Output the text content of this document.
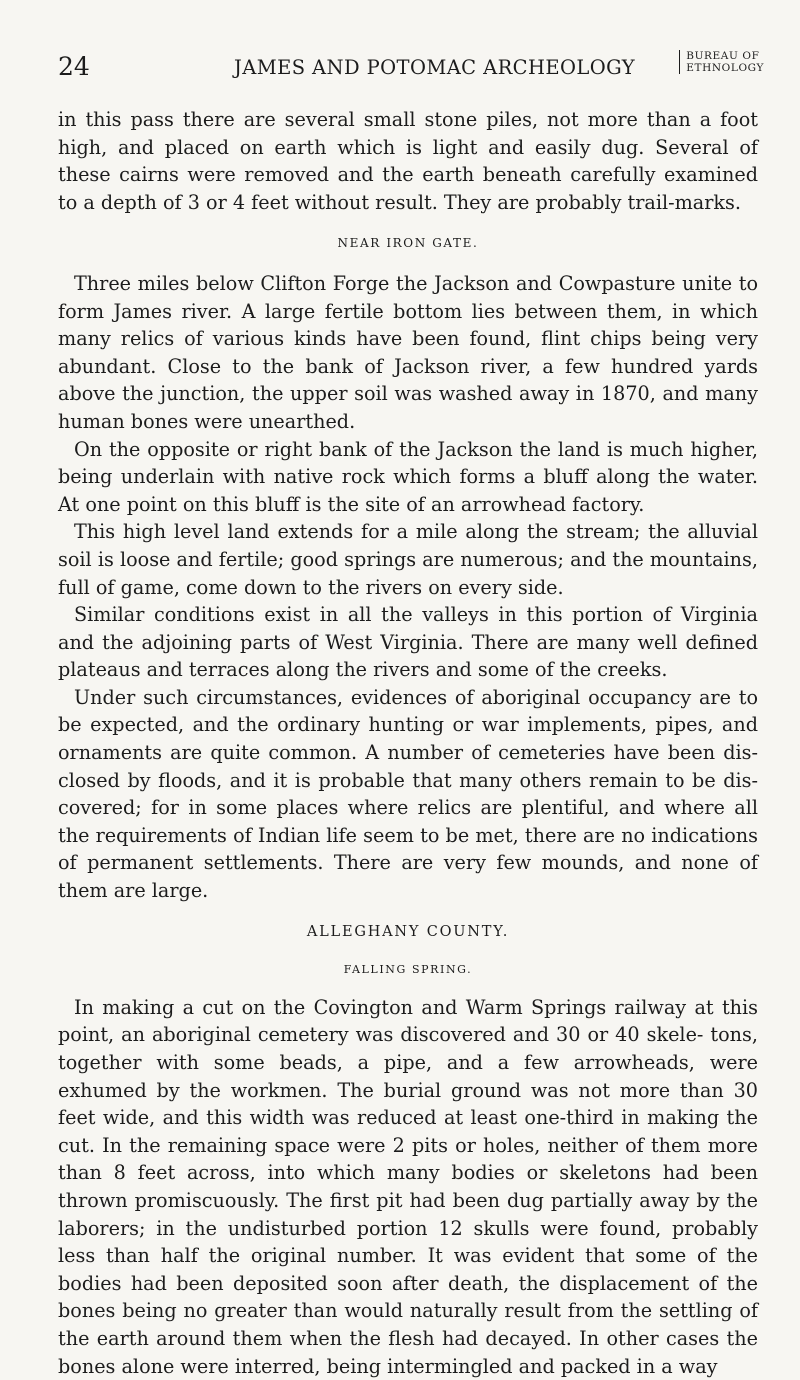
24	JAMES AND POTOMAC ARCHEOLOGY	BUREAU OF
ETHNOLOGY

in this pass there are several small stone piles, not more than a foot high, and placed on earth which is light and easily dug. Several of these cairns were removed and the earth beneath carefully examined to a depth of 3 or 4 feet without result. They are probably trail-marks.

NEAR IRON GATE.

Three miles below Clifton Forge the Jackson and Cowpasture unite to form James river. A large fertile bottom lies between them, in which many relics of various kinds have been found, flint chips being very abundant. Close to the bank of Jackson river, a few hundred yards above the junction, the upper soil was washed away in 1870, and many human bones were unearthed.

On the opposite or right bank of the Jackson the land is much higher, being underlain with native rock which forms a bluff along the water. At one point on this bluff is the site of an arrowhead factory.

This high level land extends for a mile along the stream; the alluvial soil is loose and fertile; good springs are numerous; and the mountains, full of game, come down to the rivers on every side.

Similar conditions exist in all the valleys in this portion of Virginia and the adjoining parts of West Virginia. There are many well defined plateaus and terraces along the rivers and some of the creeks.

Under such circumstances, evidences of aboriginal occupancy are to be expected, and the ordinary hunting or war implements, pipes, and ornaments are quite common. A number of cemeteries have been dis- closed by floods, and it is probable that many others remain to be dis- covered; for in some places where relics are plentiful, and where all the requirements of Indian life seem to be met, there are no indications of permanent settlements. There are very few mounds, and none of them are large.

ALLEGHANY COUNTY.
FALLING SPRING.

In making a cut on the Covington and Warm Springs railway at this point, an aboriginal cemetery was discovered and 30 or 40 skele- tons, together with some beads, a pipe, and a few arrowheads, were exhumed by the workmen. The burial ground was not more than 30 feet wide, and this width was reduced at least one-third in making the cut. In the remaining space were 2 pits or holes, neither of them more than 8 feet across, into which many bodies or skeletons had been thrown promiscuously. The first pit had been dug partially away by the laborers; in the undisturbed portion 12 skulls were found, probably less than half the original number. It was evident that some of the bodies had been deposited soon after death, the displacement of the bones being no greater than would naturally result from the settling of the earth around them when the flesh had decayed. In other cases the bones alone were interred, being intermingled and packed in a way
